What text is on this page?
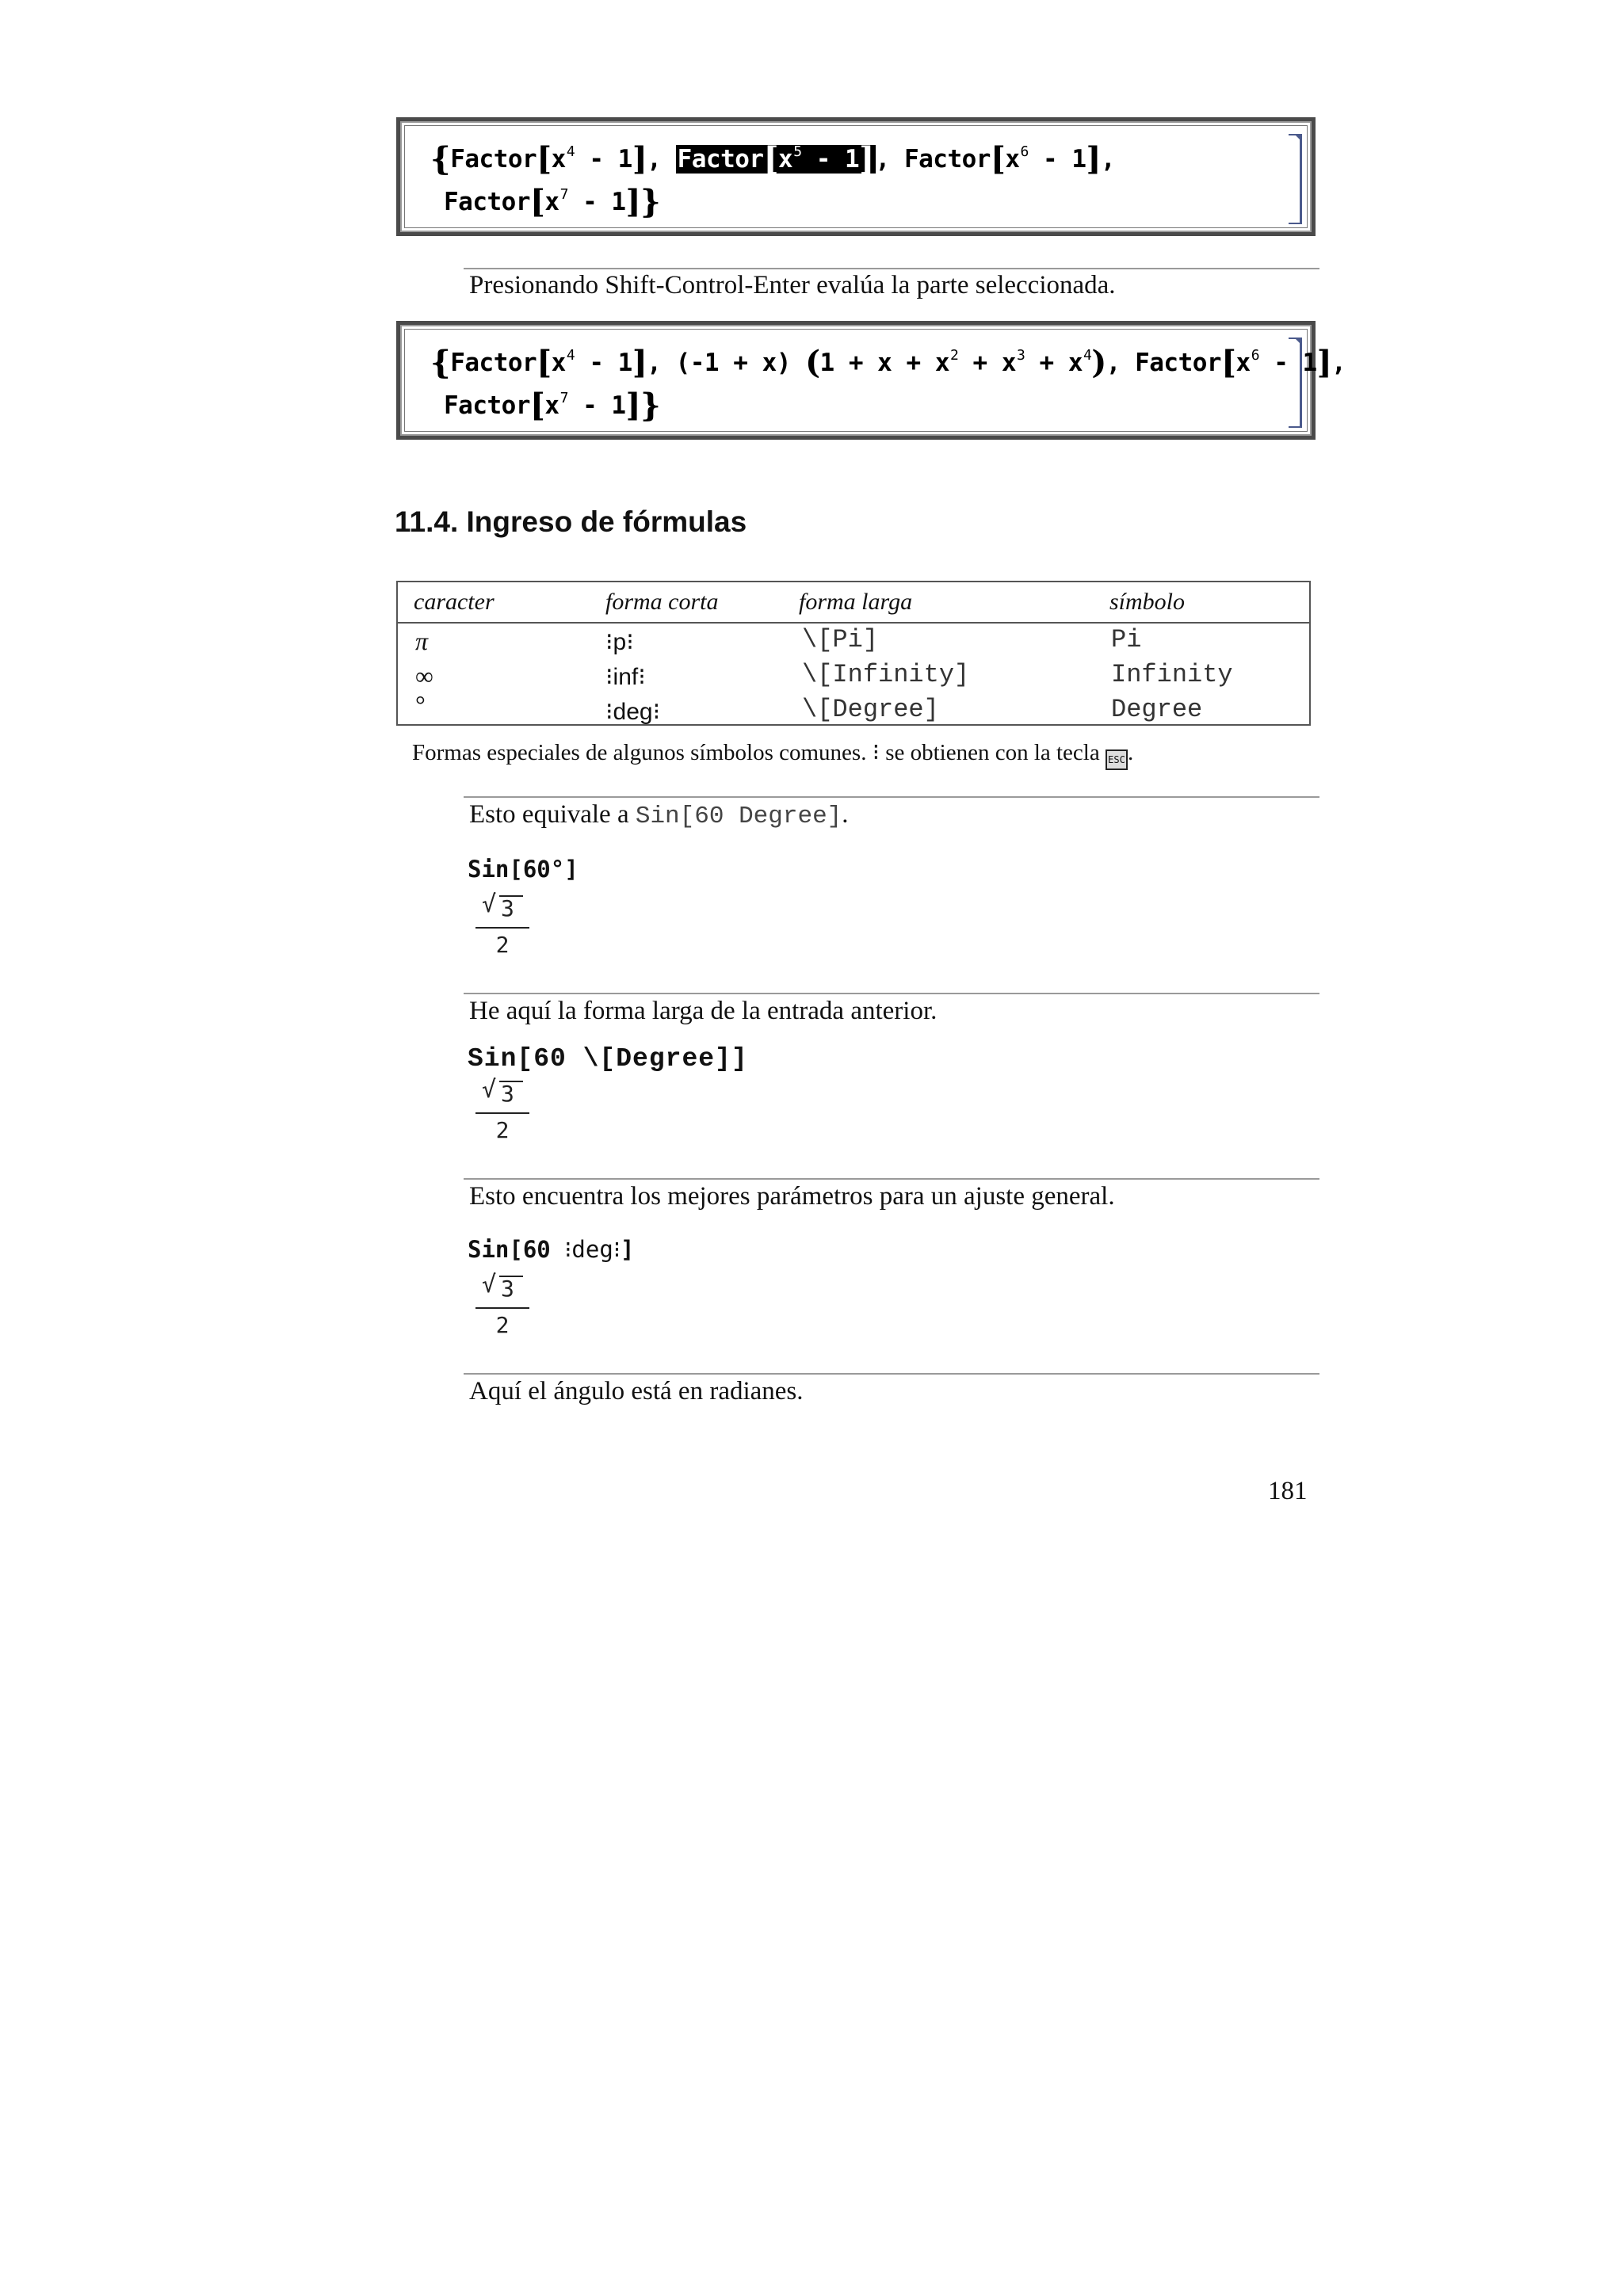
{$Factor[x^4 - 1]$, $Factor[x^5 - 1]$, $Factor[x^6 - 1]$,
$Factor[x^7 - 1]$}
Presionando Shift-Control-Enter evalúa la parte seleccionada.
{$Factor[x^4 - 1]$, (-1 + x) $(1 + x + x^2 + x^3 + x^4)$, $Factor[x^6 - 1]$,
$Factor[x^7 - 1]$}
11.4. Ingreso de fórmulas
caracter	forma corta	forma larga	símbolo
π	⁝p⁝	\[Pi]	Pi
∞	⁝inf⁝	\[Infinity]	Infinity
°	⁝deg⁝	\[Degree]	Degree
Formas especiales de algunos símbolos comunes. ⁝ se obtienen con la tecla ESC .
Esto equivale a Sin[60 Degree].
Sin[60°]
√ 3
2
He aquí la forma larga de la entrada anterior.
Sin[60 \[Degree]]
√ 3
2
Esto encuentra los mejores parámetros para un ajuste general.
Sin[60 ⁝deg⁝]
√ 3
2
Aquí el ángulo está en radianes.
181
